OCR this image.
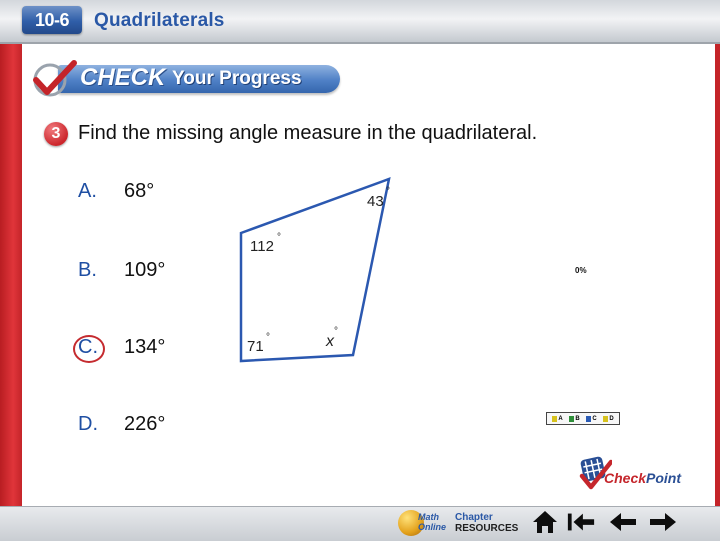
10-6	Quadrilaterals
CHECK Your Progress
3 Find the missing angle measure in the quadrilateral.
A. 68°
B. 109°
C. 134°
D. 226°
43
°
112
°
71
°	x
°
0%
A B C D
CheckPoint
Math
Online
Chapter
RESOURCES
